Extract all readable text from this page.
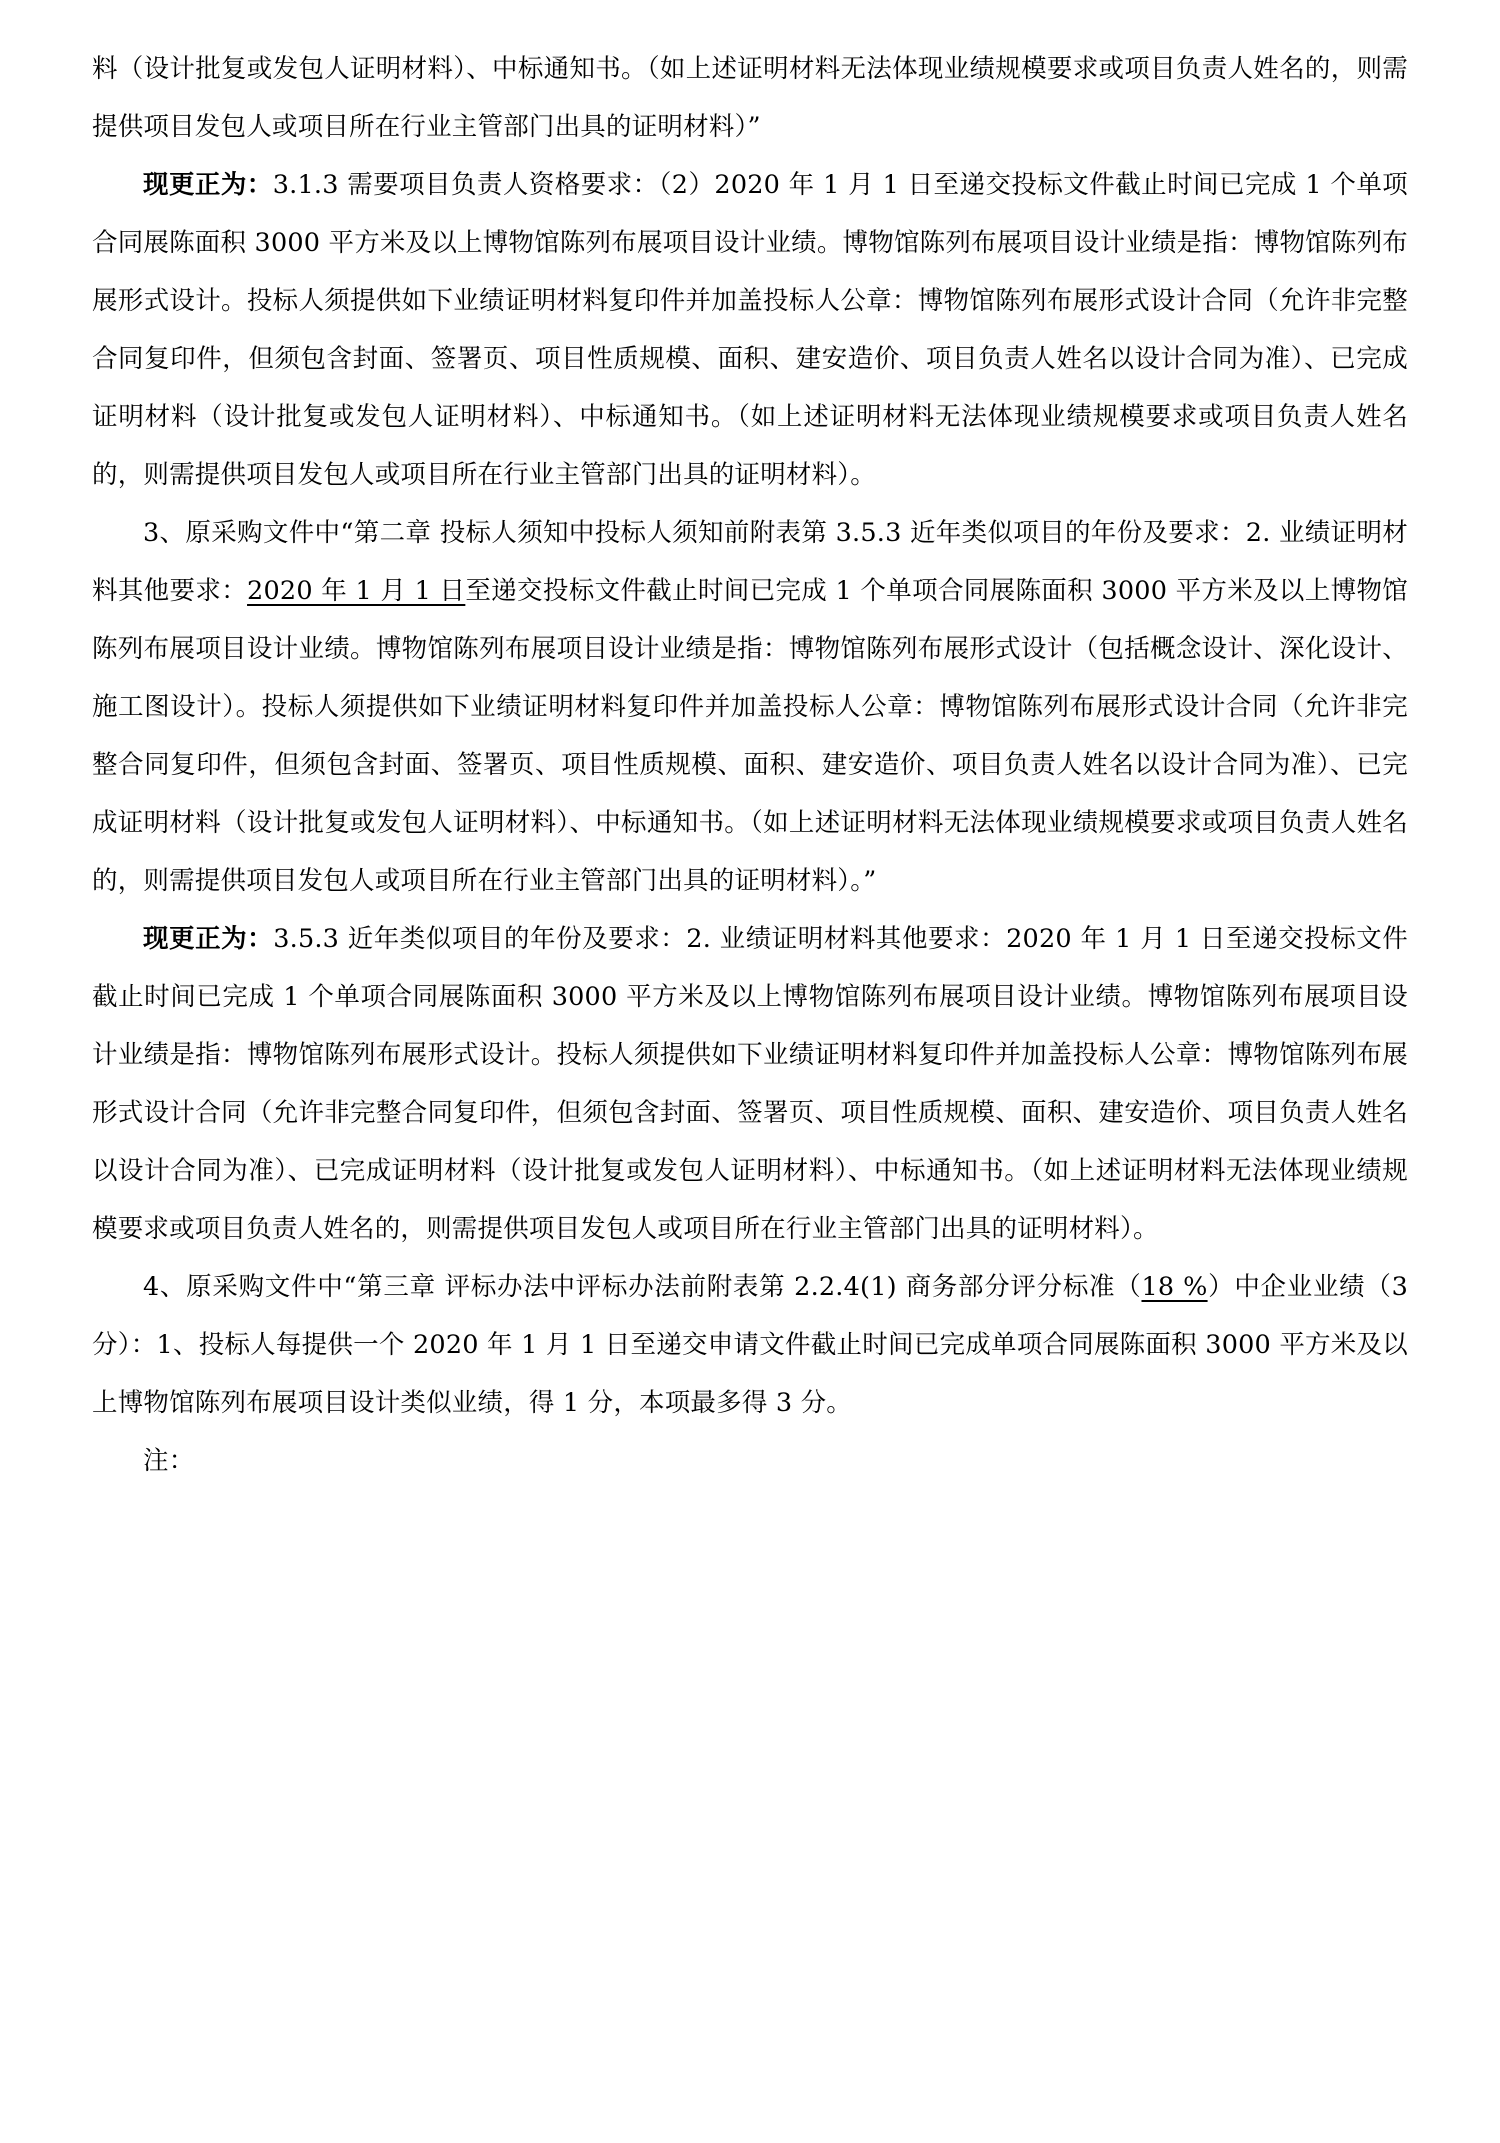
料（设计批复或发包人证明材料）、中标通知书。（如上述证明材料无法体现业绩规模要求或项目负责人姓名的，则需提供项目发包人或项目所在行业主管部门出具的证明材料）”

现更正为：3.1.3 需要项目负责人资格要求：（2）2020 年 1 月 1 日至递交投标文件截止时间已完成 1 个单项合同展陈面积 3000 平方米及以上博物馆陈列布展项目设计业绩。博物馆陈列布展项目设计业绩是指：博物馆陈列布展形式设计。投标人须提供如下业绩证明材料复印件并加盖投标人公章：博物馆陈列布展形式设计合同（允许非完整合同复印件，但须包含封面、签署页、项目性质规模、面积、建安造价、项目负责人姓名以设计合同为准）、已完成证明材料（设计批复或发包人证明材料）、中标通知书。（如上述证明材料无法体现业绩规模要求或项目负责人姓名的，则需提供项目发包人或项目所在行业主管部门出具的证明材料）。

3、原采购文件中“第二章 投标人须知中投标人须知前附表第 3.5.3 近年类似项目的年份及要求：2. 业绩证明材料其他要求：2020 年 1 月 1 日至递交投标文件截止时间已完成 1 个单项合同展陈面积 3000 平方米及以上博物馆陈列布展项目设计业绩。博物馆陈列布展项目设计业绩是指：博物馆陈列布展形式设计（包括概念设计、深化设计、施工图设计）。投标人须提供如下业绩证明材料复印件并加盖投标人公章：博物馆陈列布展形式设计合同（允许非完整合同复印件，但须包含封面、签署页、项目性质规模、面积、建安造价、项目负责人姓名以设计合同为准）、已完成证明材料（设计批复或发包人证明材料）、中标通知书。（如上述证明材料无法体现业绩规模要求或项目负责人姓名的，则需提供项目发包人或项目所在行业主管部门出具的证明材料）。”

现更正为：3.5.3 近年类似项目的年份及要求：2. 业绩证明材料其他要求：2020 年 1 月 1 日至递交投标文件截止时间已完成 1 个单项合同展陈面积 3000 平方米及以上博物馆陈列布展项目设计业绩。博物馆陈列布展项目设计业绩是指：博物馆陈列布展形式设计。投标人须提供如下业绩证明材料复印件并加盖投标人公章：博物馆陈列布展形式设计合同（允许非完整合同复印件，但须包含封面、签署页、项目性质规模、面积、建安造价、项目负责人姓名以设计合同为准）、已完成证明材料（设计批复或发包人证明材料）、中标通知书。（如上述证明材料无法体现业绩规模要求或项目负责人姓名的，则需提供项目发包人或项目所在行业主管部门出具的证明材料）。

4、原采购文件中“第三章 评标办法中评标办法前附表第 2.2.4(1) 商务部分评分标准（18 %）中企业业绩（3 分）：1、投标人每提供一个 2020 年 1 月 1 日至递交申请文件截止时间已完成单项合同展陈面积 3000 平方米及以上博物馆陈列布展项目设计类似业绩，得 1 分，本项最多得 3 分。

注：
